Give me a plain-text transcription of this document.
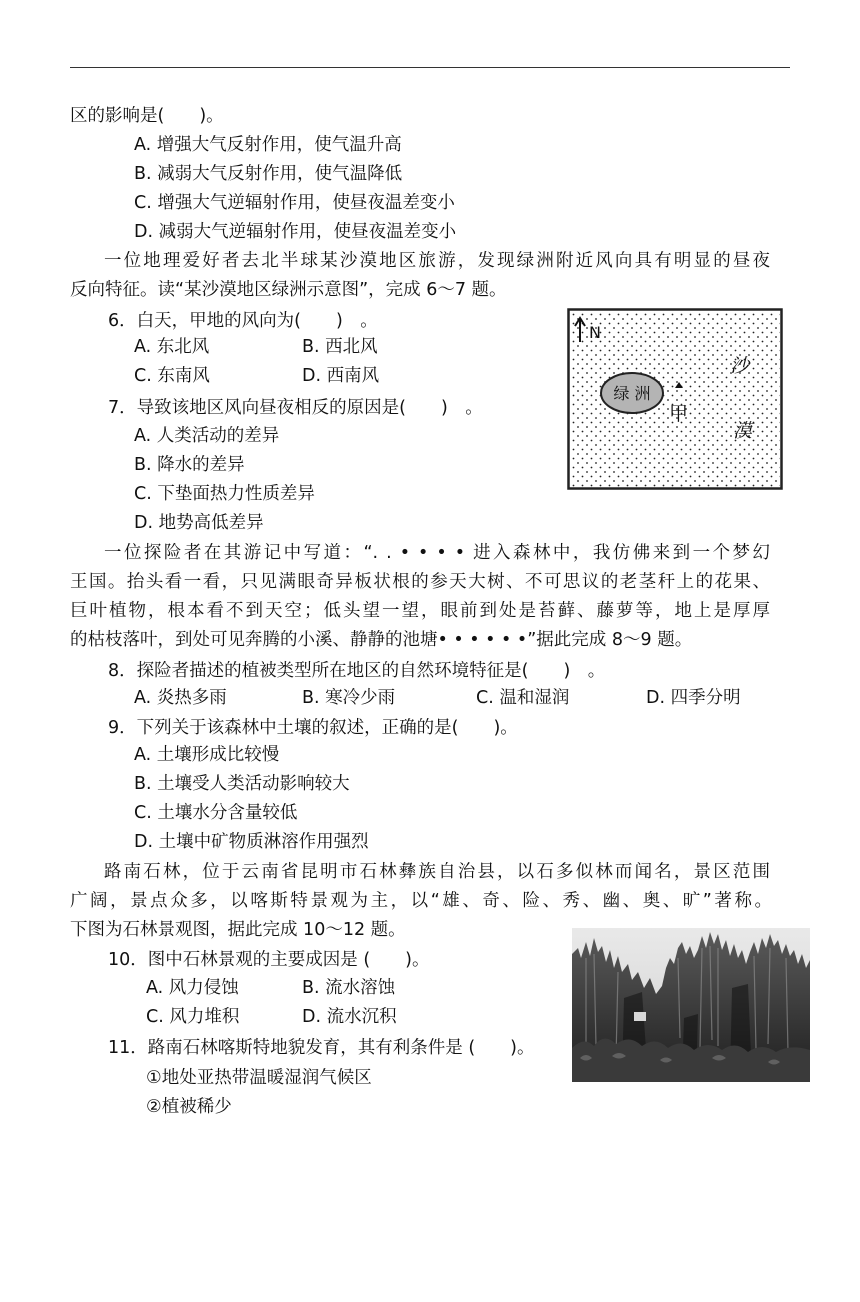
区的影响是(　　)。
A. 增强大气反射作用，使气温升高
B. 减弱大气反射作用，使气温降低
C. 增强大气逆辐射作用，使昼夜温差变小
D. 减弱大气逆辐射作用，使昼夜温差变小
一位地理爱好者去北半球某沙漠地区旅游，发现绿洲附近风向具有明显的昼夜
反向特征。读“某沙漠地区绿洲示意图”，完成 6～7 题。
6．白天，甲地的风向为(　　)　。
A. 东北风	B. 西北风
C. 东南风	D. 西南风
7．导致该地区风向昼夜相反的原因是(　　)　。
A. 人类活动的差异
B. 降水的差异
C. 下垫面热力性质差异
D. 地势高低差异
N
绿 洲
甲
沙
漠
一位探险者在其游记中写道：“. . • • • • 进入森林中，我仿佛来到一个梦幻
王国。抬头看一看，只见满眼奇异板状根的参天大树、不可思议的老茎秆上的花果、
巨叶植物，根本看不到天空；低头望一望，眼前到处是苔藓、藤萝等，地上是厚厚
的枯枝落叶，到处可见奔腾的小溪、静静的池塘• • • • • •”据此完成 8～9 题。
8．探险者描述的植被类型所在地区的自然环境特征是(　　)　。
A. 炎热多雨	B. 寒冷少雨	C. 温和湿润	D. 四季分明
9．下列关于该森林中土壤的叙述，正确的是(　　)。
A. 土壤形成比较慢
B. 土壤受人类活动影响较大
C. 土壤水分含量较低
D. 土壤中矿物质淋溶作用强烈
路南石林，位于云南省昆明市石林彝族自治县，以石多似林而闻名，景区范围
广阔，景点众多，以喀斯特景观为主，以“雄、奇、险、秀、幽、奥、旷”著称。
下图为石林景观图，据此完成 10～12 题。
10．图中石林景观的主要成因是 (　　)。
A. 风力侵蚀	B. 流水溶蚀
C. 风力堆积	D. 流水沉积
11．路南石林喀斯特地貌发育，其有利条件是 (　　)。
①地处亚热带温暖湿润气候区
②植被稀少
